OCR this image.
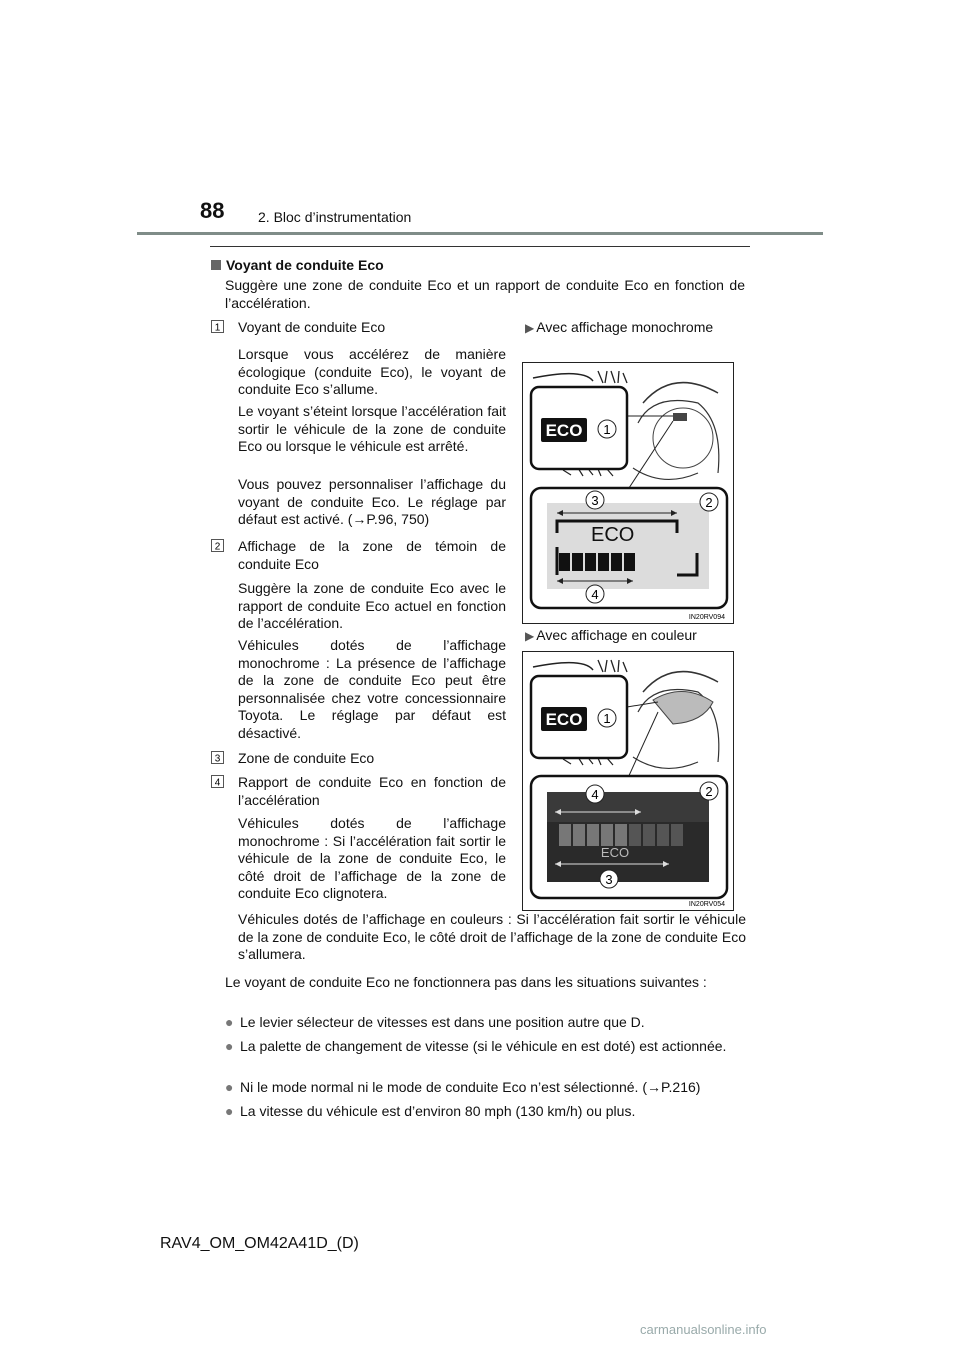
88 2. Bloc d’instrumentation
Voyant de conduite Eco
Suggère une zone de conduite Eco et un rapport de conduite Eco en fonction de l’accélération.
1 Voyant de conduite Eco
Lorsque vous accélérez de manière écologique (conduite Eco), le voyant de conduite Eco s’allume.
Le voyant s’éteint lorsque l’accélération fait sortir le véhicule de la zone de conduite Eco ou lorsque le véhicule est arrêté.
Vous pouvez personnaliser l’affichage du voyant de conduite Eco. Le réglage par défaut est activé. (→P.96, 750)
2 Affichage de la zone de témoin de conduite Eco
Suggère la zone de conduite Eco avec le rapport de conduite Eco actuel en fonction de l’accélération.
Véhicules dotés de l’affichage monochrome : La présence de l’affichage de la zone de conduite Eco peut être personnalisée chez votre concessionnaire Toyota. Le réglage par défaut est désactivé.
3 Zone de conduite Eco
4 Rapport de conduite Eco en fonction de l’accélération
Véhicules dotés de l’affichage monochrome : Si l’accélération fait sortir le véhicule de la zone de conduite Eco, le côté droit de l’affichage de la zone de conduite Eco clignotera.
Véhicules dotés de l’affichage en couleurs : Si l’accélération fait sortir le véhicule de la zone de conduite Eco, le côté droit de l’affichage de la zone de conduite Eco s’allumera.
Le voyant de conduite Eco ne fonctionnera pas dans les situations suivantes :
● Le levier sélecteur de vitesses est dans une position autre que D.
● La palette de changement de vitesse (si le véhicule en est doté) est actionnée.
● Ni le mode normal ni le mode de conduite Eco n’est sélectionné. (→P.216)
● La vitesse du véhicule est d’environ 80 mph (130 km/h) ou plus.
▶ Avec affichage monochrome
▶ Avec affichage en couleur
ECO 1
3	2
ECO
4
IN20RV094
ECO 1
4	2
ECO
3
IN20RV054
RAV4_OM_OM42A41D_(D)
carmanualsonline.info
